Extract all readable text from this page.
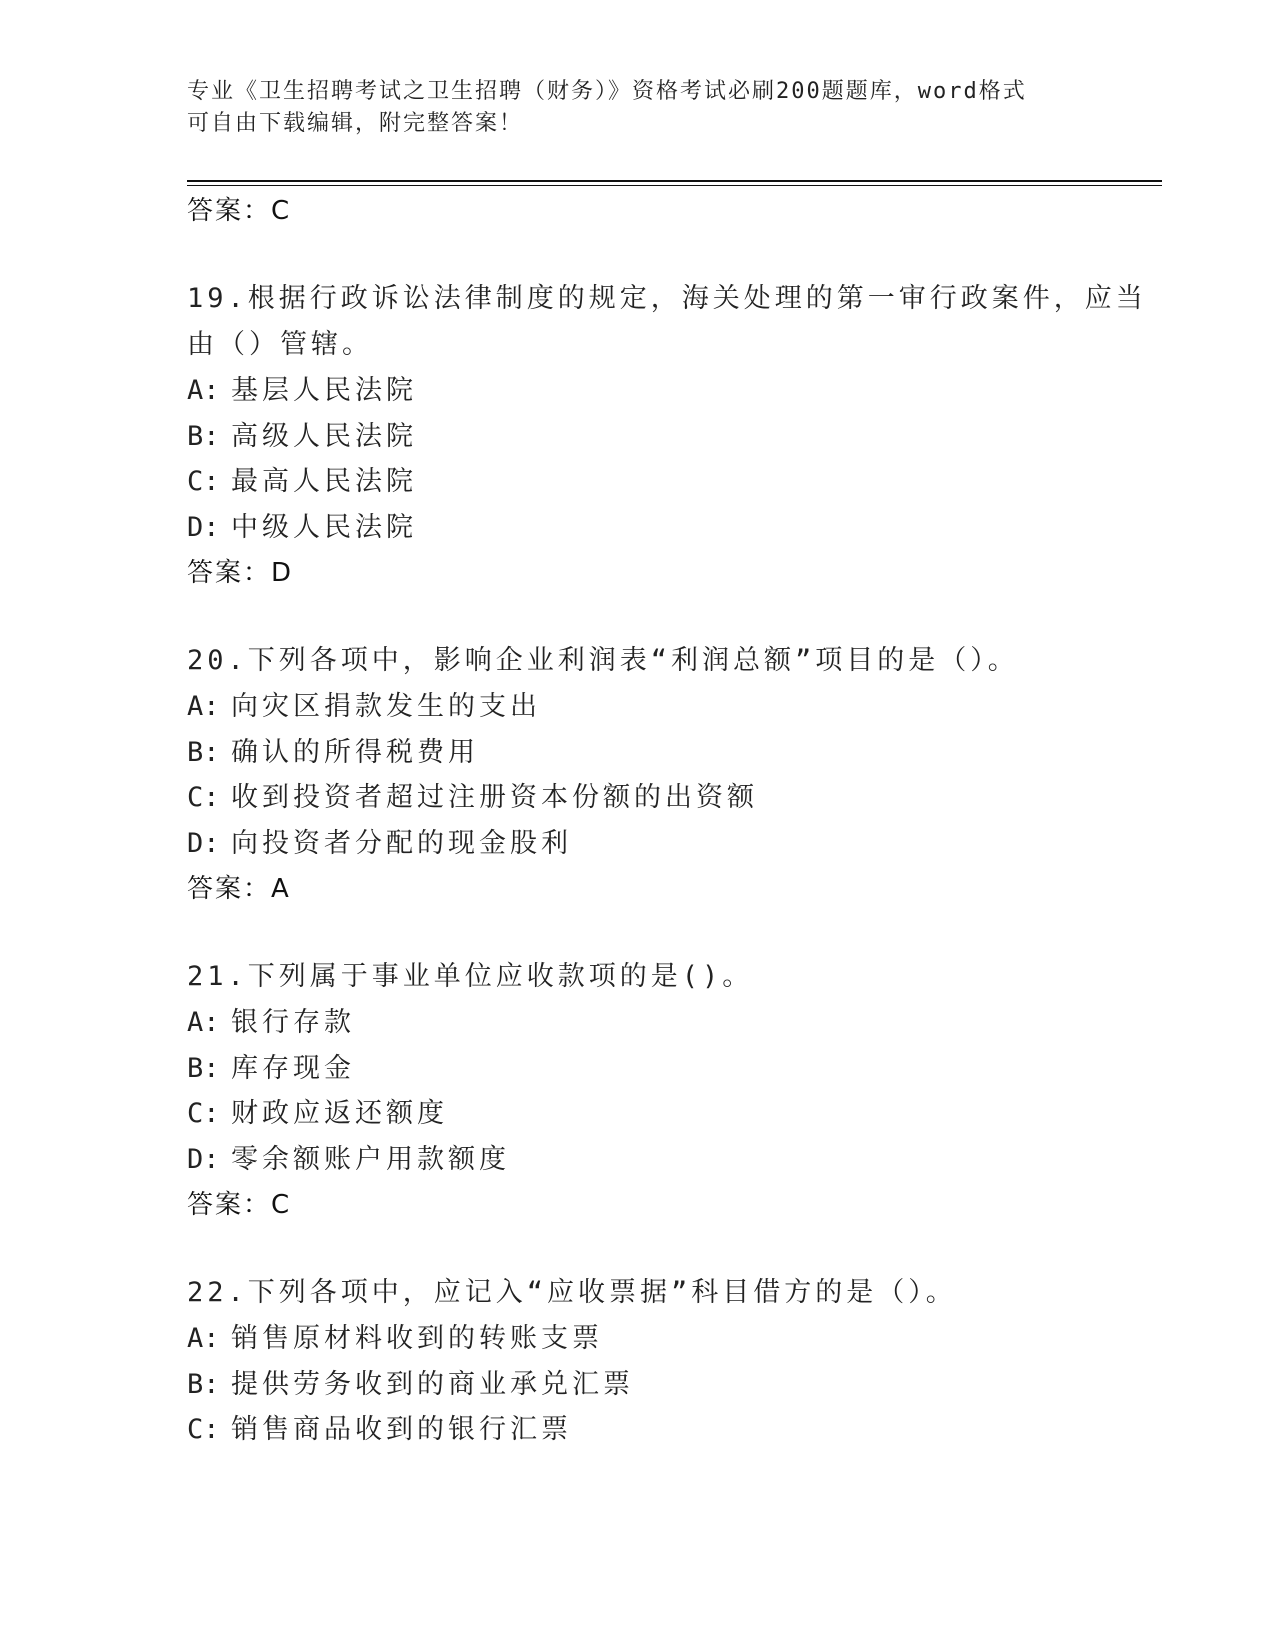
专业《卫生招聘考试之卫生招聘（财务）》资格考试必刷200题题库，word格式
可自由下载编辑，附完整答案！
答案：C
19.根据行政诉讼法律制度的规定，海关处理的第一审行政案件，应当
由（）管辖。
A: 基层人民法院
B: 高级人民法院
C: 最高人民法院
D: 中级人民法院
答案：D
20.下列各项中，影响企业利润表“利润总额”项目的是（）。
A: 向灾区捐款发生的支出
B: 确认的所得税费用
C: 收到投资者超过注册资本份额的出资额
D: 向投资者分配的现金股利
答案：A
21.下列属于事业单位应收款项的是()。
A: 银行存款
B: 库存现金
C: 财政应返还额度
D: 零余额账户用款额度
答案：C
22.下列各项中，应记入“应收票据”科目借方的是（）。
A: 销售原材料收到的转账支票
B: 提供劳务收到的商业承兑汇票
C: 销售商品收到的银行汇票
